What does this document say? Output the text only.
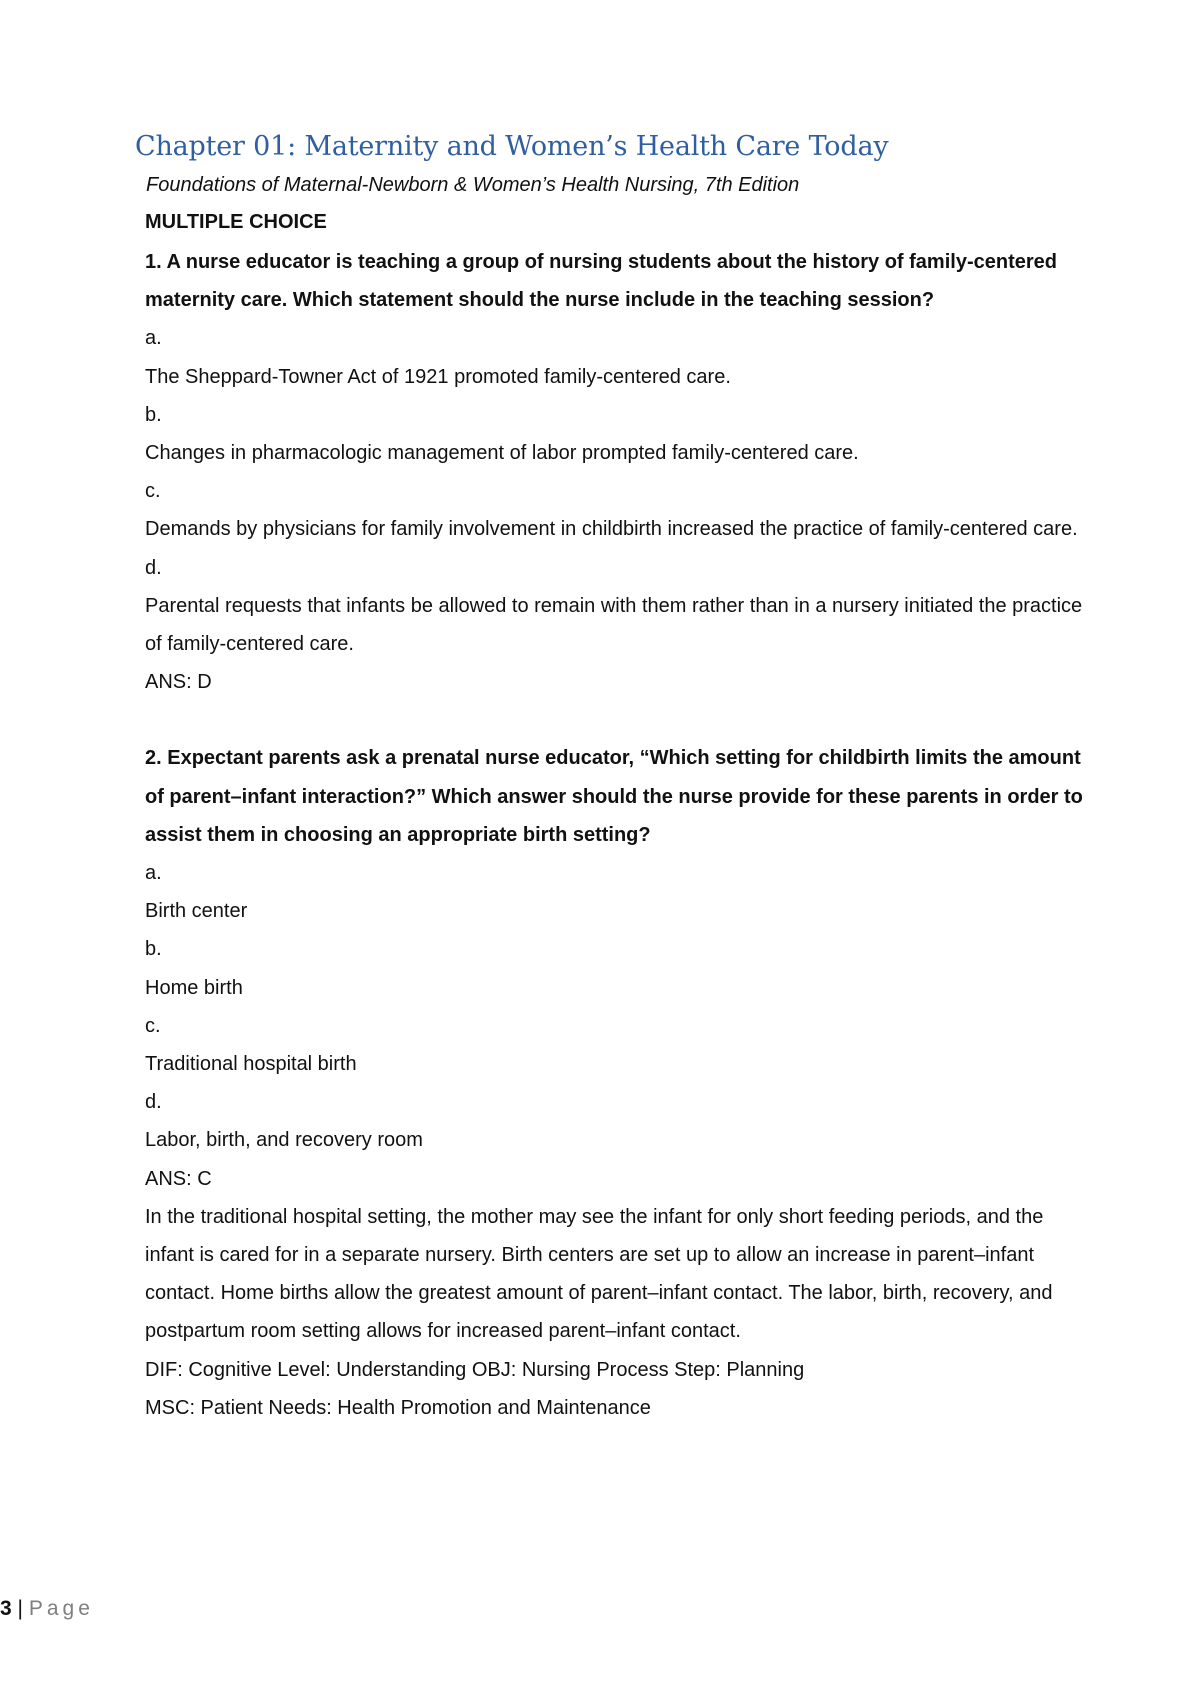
Chapter 01: Maternity and Women’s Health Care Today
Foundations of Maternal-Newborn & Women’s Health Nursing, 7th Edition
MULTIPLE CHOICE

1. A nurse educator is teaching a group of nursing students about the history of family-centered maternity care. Which statement should the nurse include in the teaching session?

a.

The Sheppard-Towner Act of 1921 promoted family-centered care.

b.

Changes in pharmacologic management of labor prompted family-centered care.

c.

Demands by physicians for family involvement in childbirth increased the practice of family-centered care.

d.

Parental requests that infants be allowed to remain with them rather than in a nursery initiated the practice of family-centered care.

ANS: D

2. Expectant parents ask a prenatal nurse educator, “Which setting for childbirth limits the amount of parent–infant interaction?” Which answer should the nurse provide for these parents in order to assist them in choosing an appropriate birth setting?

a.

Birth center

b.

Home birth

c.

Traditional hospital birth

d.

Labor, birth, and recovery room

ANS: C

In the traditional hospital setting, the mother may see the infant for only short feeding periods, and the infant is cared for in a separate nursery. Birth centers are set up to allow an increase in parent–infant contact. Home births allow the greatest amount of parent–infant contact. The labor, birth, recovery, and postpartum room setting allows for increased parent–infant contact.

DIF: Cognitive Level: Understanding OBJ: Nursing Process Step: Planning

MSC: Patient Needs: Health Promotion and Maintenance

3 | Page
